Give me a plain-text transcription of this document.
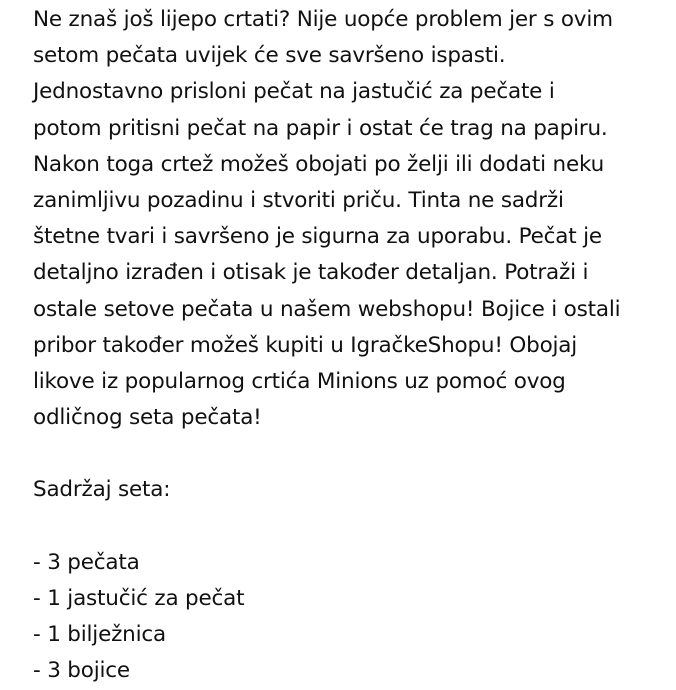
Ne znaš još lijepo crtati? Nije uopće problem jer s ovim
setom pečata uvijek će sve savršeno ispasti.
Jednostavno prisloni pečat na jastučić za pečate i
potom pritisni pečat na papir i ostat će trag na papiru.
Nakon toga crtež možeš obojati po želji ili dodati neku
zanimljivu pozadinu i stvoriti priču. Tinta ne sadrži
štetne tvari i savršeno je sigurna za uporabu. Pečat je
detaljno izrađen i otisak je također detaljan. Potraži i
ostale setove pečata u našem webshopu! Bojice i ostali
pribor također možeš kupiti u IgračkeShopu! Obojaj
likove iz popularnog crtića Minions uz pomoć ovog
odličnog seta pečata!
Sadržaj seta:
- 3 pečata
- 1 jastučić za pečat
- 1 bilježnica
- 3 bojice
